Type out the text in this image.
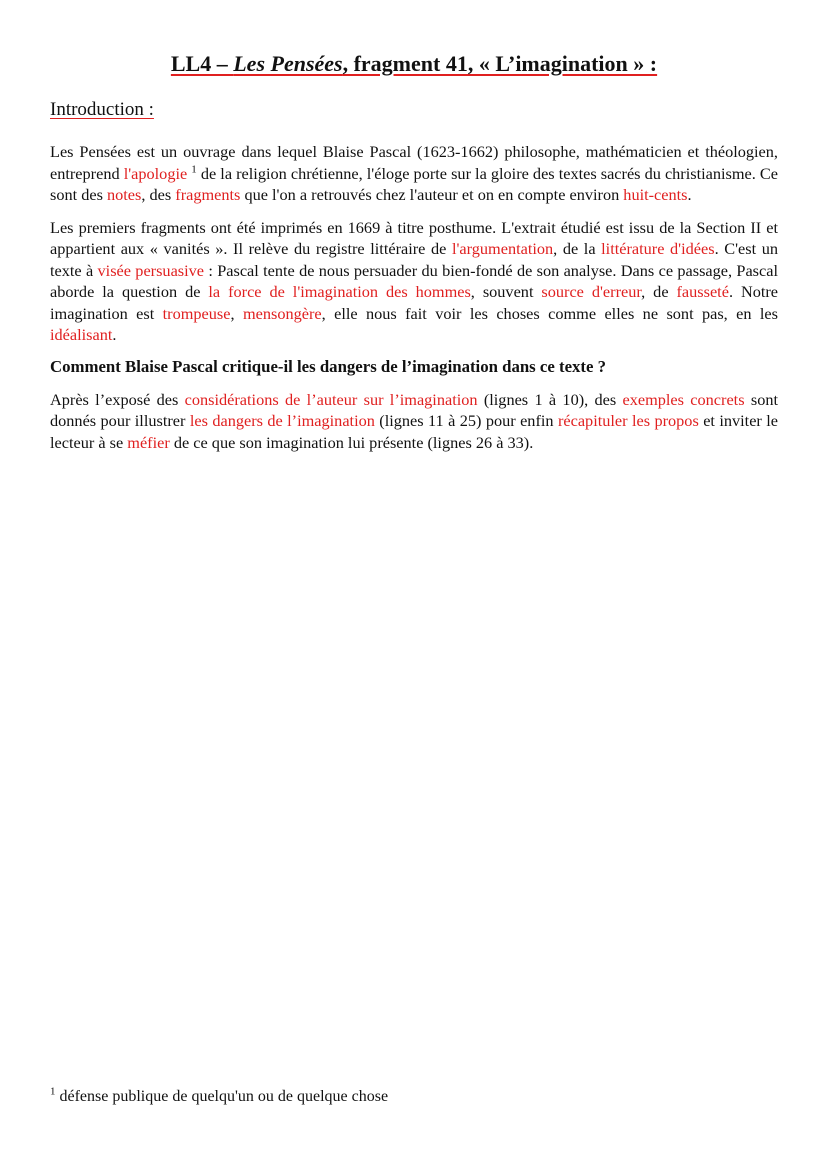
LL4 – Les Pensées, fragment 41, « L’imagination » :
Introduction :

Les Pensées est un ouvrage dans lequel Blaise Pascal (1623-1662) philosophe, mathématicien et théologien, entreprend l'apologie $^1$ de la religion chrétienne, l'éloge porte sur la gloire des textes sacrés du christianisme. Ce sont des notes, des fragments que l'on a retrouvés chez l'auteur et on en compte environ huit-cents.

Les premiers fragments ont été imprimés en 1669 à titre posthume. L'extrait étudié est issu de la Section II et appartient aux « vanités ». Il relève du registre littéraire de l'argumentation, de la littérature d'idées. C'est un texte à visée persuasive : Pascal tente de nous persuader du bien-fondé de son analyse. Dans ce passage, Pascal aborde la question de la force de l'imagination des hommes, souvent source d'erreur, de fausseté. Notre imagination est trompeuse, mensongère, elle nous fait voir les choses comme elles ne sont pas, en les idéalisant.

Comment Blaise Pascal critique-il les dangers de l’imagination dans ce texte ?

Après l’exposé des considérations de l’auteur sur l’imagination (lignes 1 à 10), des exemples concrets sont donnés pour illustrer les dangers de l’imagination (lignes 11 à 25) pour enfin récapituler les propos et inviter le lecteur à se méfier de ce que son imagination lui présente (lignes 26 à 33).

$^1$ défense publique de quelqu'un ou de quelque chose
